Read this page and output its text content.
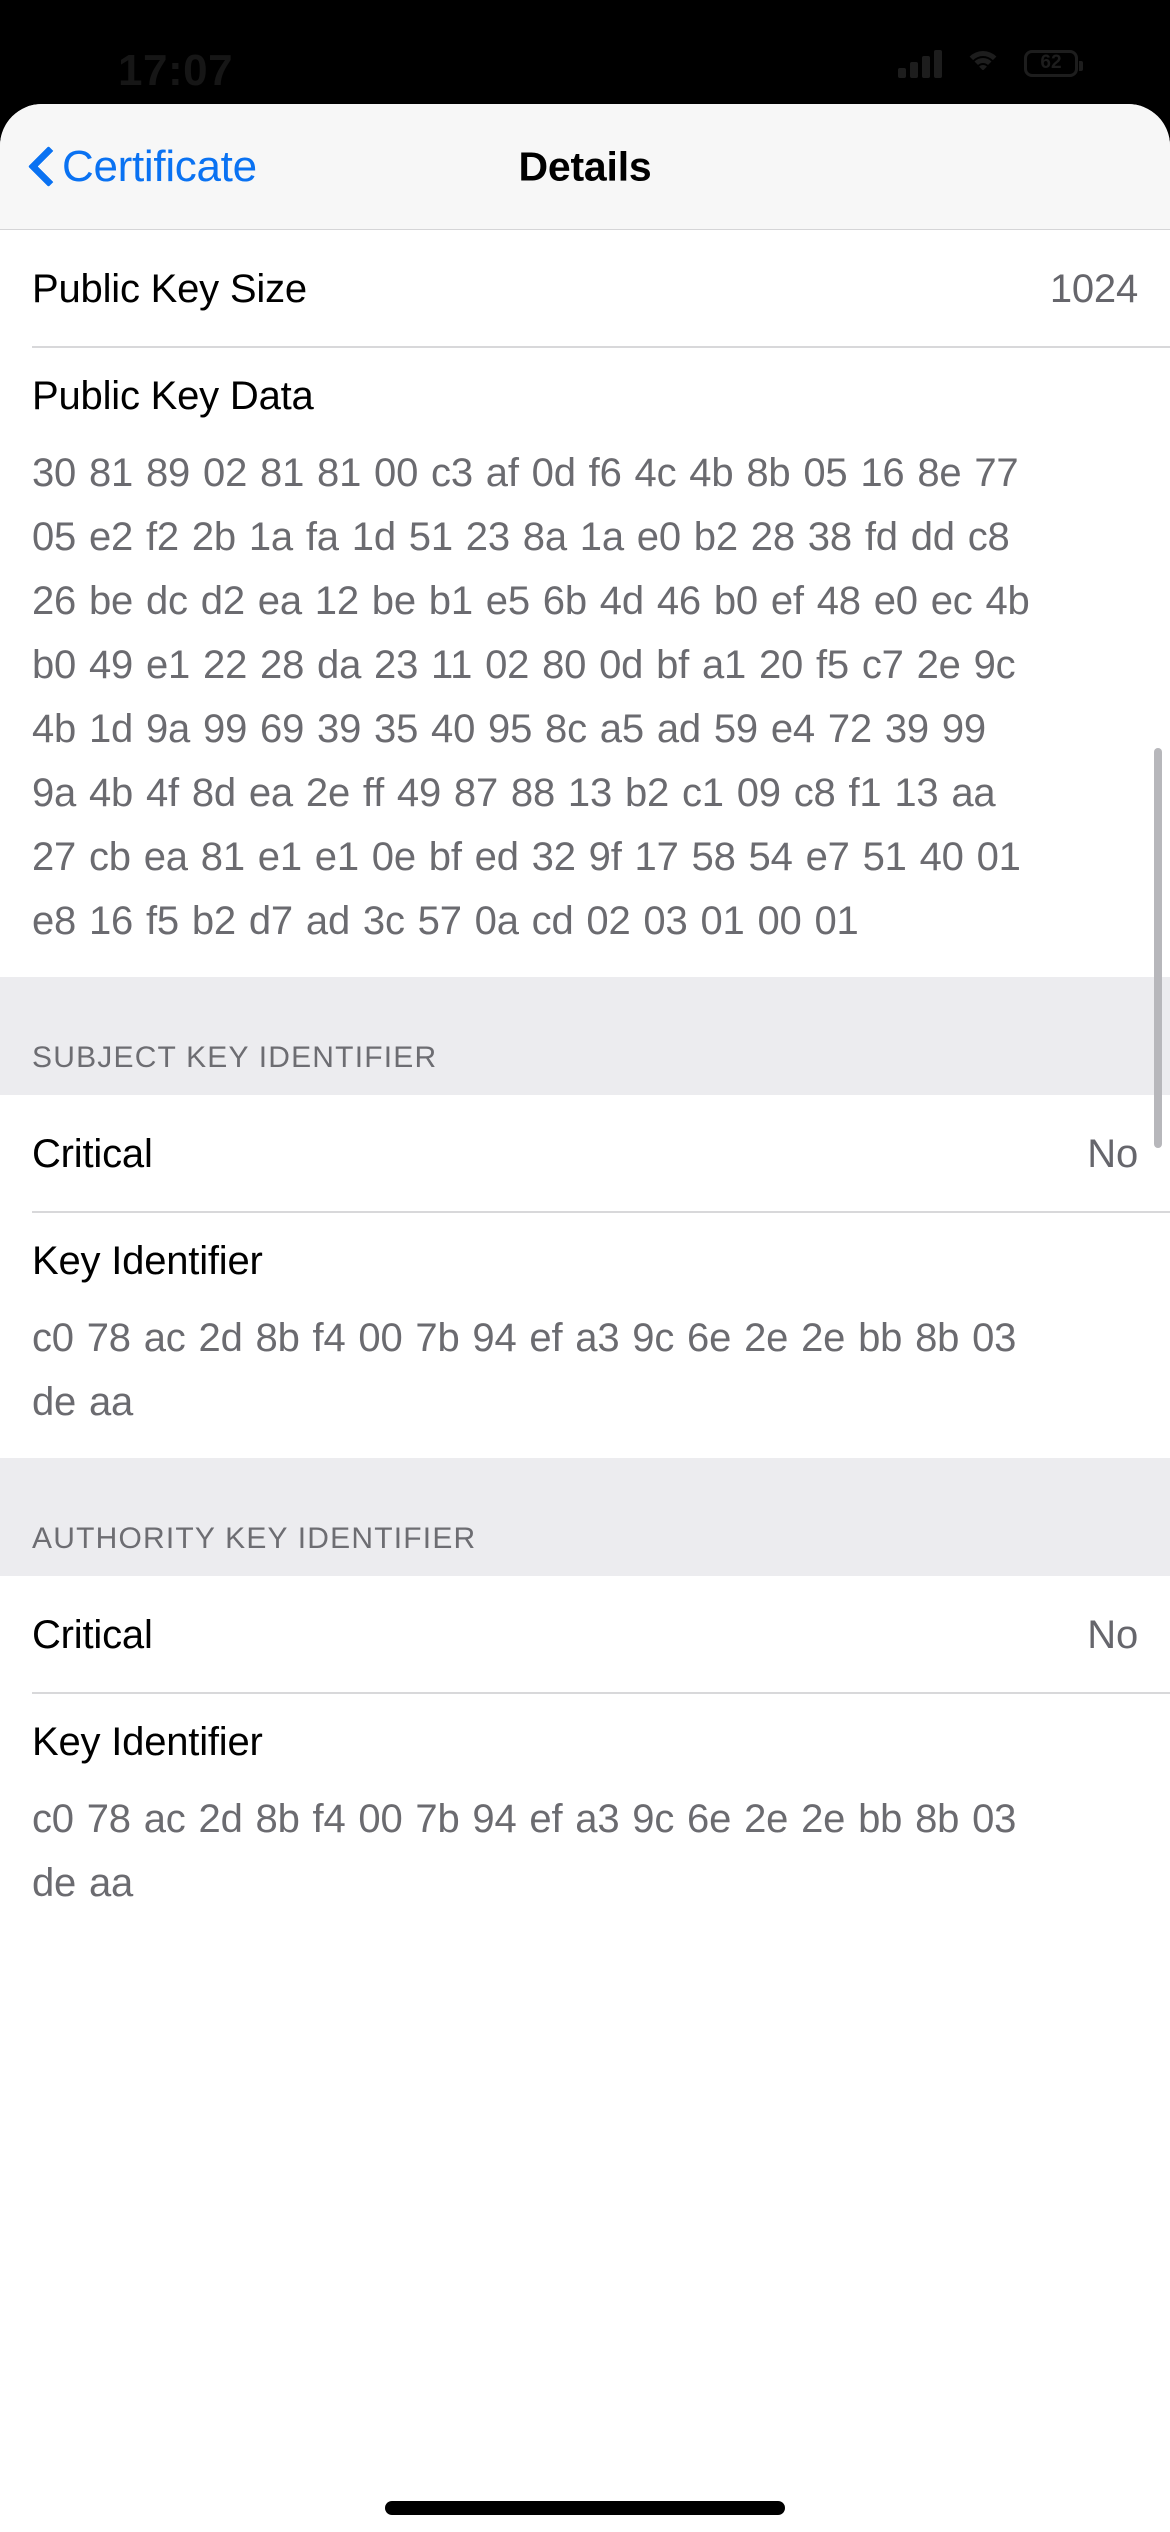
17:07	62
Certificate	Details
Public Key Size	1024
Public Key Data
30 81 89 02 81 81 00 c3 af 0d f6 4c 4b 8b 05 16 8e 77 05 e2 f2 2b 1a fa 1d 51 23 8a 1a e0 b2 28 38 fd dd c8 26 be dc d2 ea 12 be b1 e5 6b 4d 46 b0 ef 48 e0 ec 4b b0 49 e1 22 28 da 23 11 02 80 0d bf a1 20 f5 c7 2e 9c 4b 1d 9a 99 69 39 35 40 95 8c a5 ad 59 e4 72 39 99 9a 4b 4f 8d ea 2e ff 49 87 88 13 b2 c1 09 c8 f1 13 aa 27 cb ea 81 e1 e1 0e bf ed 32 9f 17 58 54 e7 51 40 01 e8 16 f5 b2 d7 ad 3c 57 0a cd 02 03 01 00 01
SUBJECT KEY IDENTIFIER
Critical	No
Key Identifier
c0 78 ac 2d 8b f4 00 7b 94 ef a3 9c 6e 2e 2e bb 8b 03 de aa
AUTHORITY KEY IDENTIFIER
Critical	No
Key Identifier
c0 78 ac 2d 8b f4 00 7b 94 ef a3 9c 6e 2e 2e bb 8b 03 de aa
